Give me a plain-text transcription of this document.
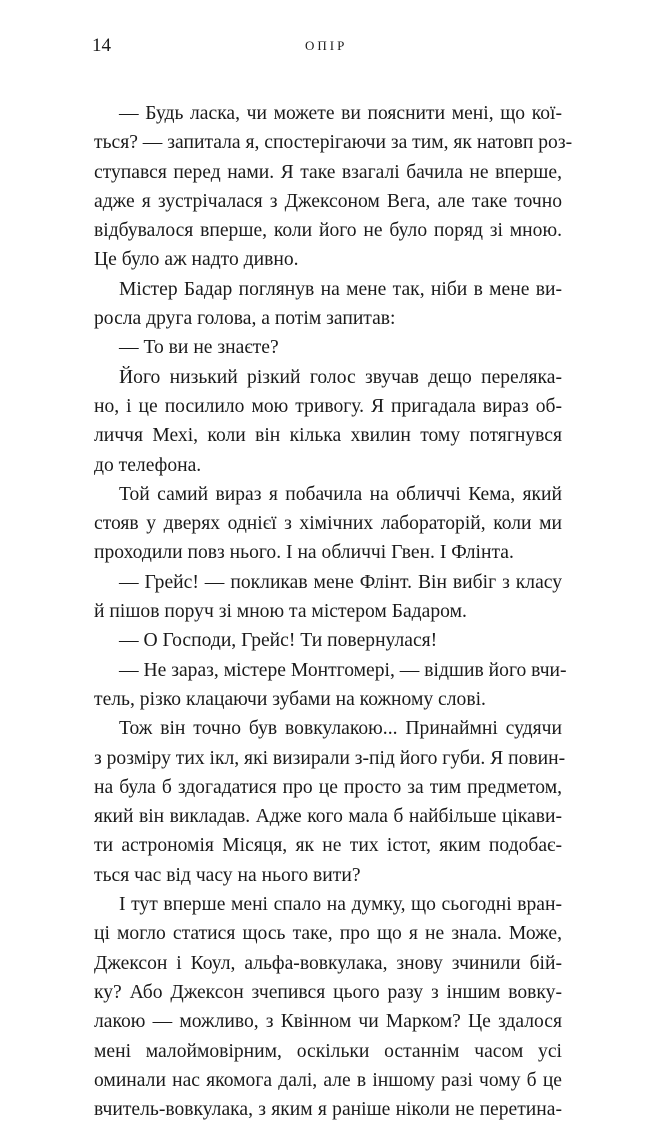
14	ОПІР
— Будь ласка, чи можете ви пояснити мені, що кої-
ться? — запитала я, спостерігаючи за тим, як натовп роз-
ступався перед нами. Я таке взагалі бачила не вперше,
адже я зустрічалася з Джексоном Вега, але таке точно
відбувалося вперше, коли його не було поряд зі мною.
Це було аж надто дивно.
Містер Бадар поглянув на мене так, ніби в мене ви-
росла друга голова, а потім запитав:
— То ви не знаєте?
Його низький різкий голос звучав дещо переляка-
но, і це посилило мою тривогу. Я пригадала вираз об-
личчя Мехі, коли він кілька хвилин тому потягнувся
до телефона.
Той самий вираз я побачила на обличчі Кема, який
стояв у дверях однієї з хімічних лабораторій, коли ми
проходили повз нього. І на обличчі Гвен. І Флінта.
— Грейс! — покликав мене Флінт. Він вибіг з класу
й пішов поруч зі мною та містером Бадаром.
— О Господи, Грейс! Ти повернулася!
— Не зараз, містере Монтгомері, — відшив його вчи-
тель, різко клацаючи зубами на кожному слові.
Тож він точно був вовкулакою... Принаймні судячи
з розміру тих ікл, які визирали з-під його губи. Я повин-
на була б здогадатися про це просто за тим предметом,
який він викладав. Адже кого мала б найбільше цікави-
ти астрономія Місяця, як не тих істот, яким подобає-
ться час від часу на нього вити?
І тут вперше мені спало на думку, що сьогодні вран-
ці могло статися щось таке, про що я не знала. Може,
Джексон і Коул, альфа-вовкулака, знову зчинили бій-
ку? Або Джексон зчепився цього разу з іншим вовку-
лакою — можливо, з Квінном чи Марком? Це здалося
мені малоймовірним, оскільки останнім часом усі
оминали нас якомога далі, але в іншому разі чому б це
вчитель-вовкулака, з яким я раніше ніколи не перетина-
